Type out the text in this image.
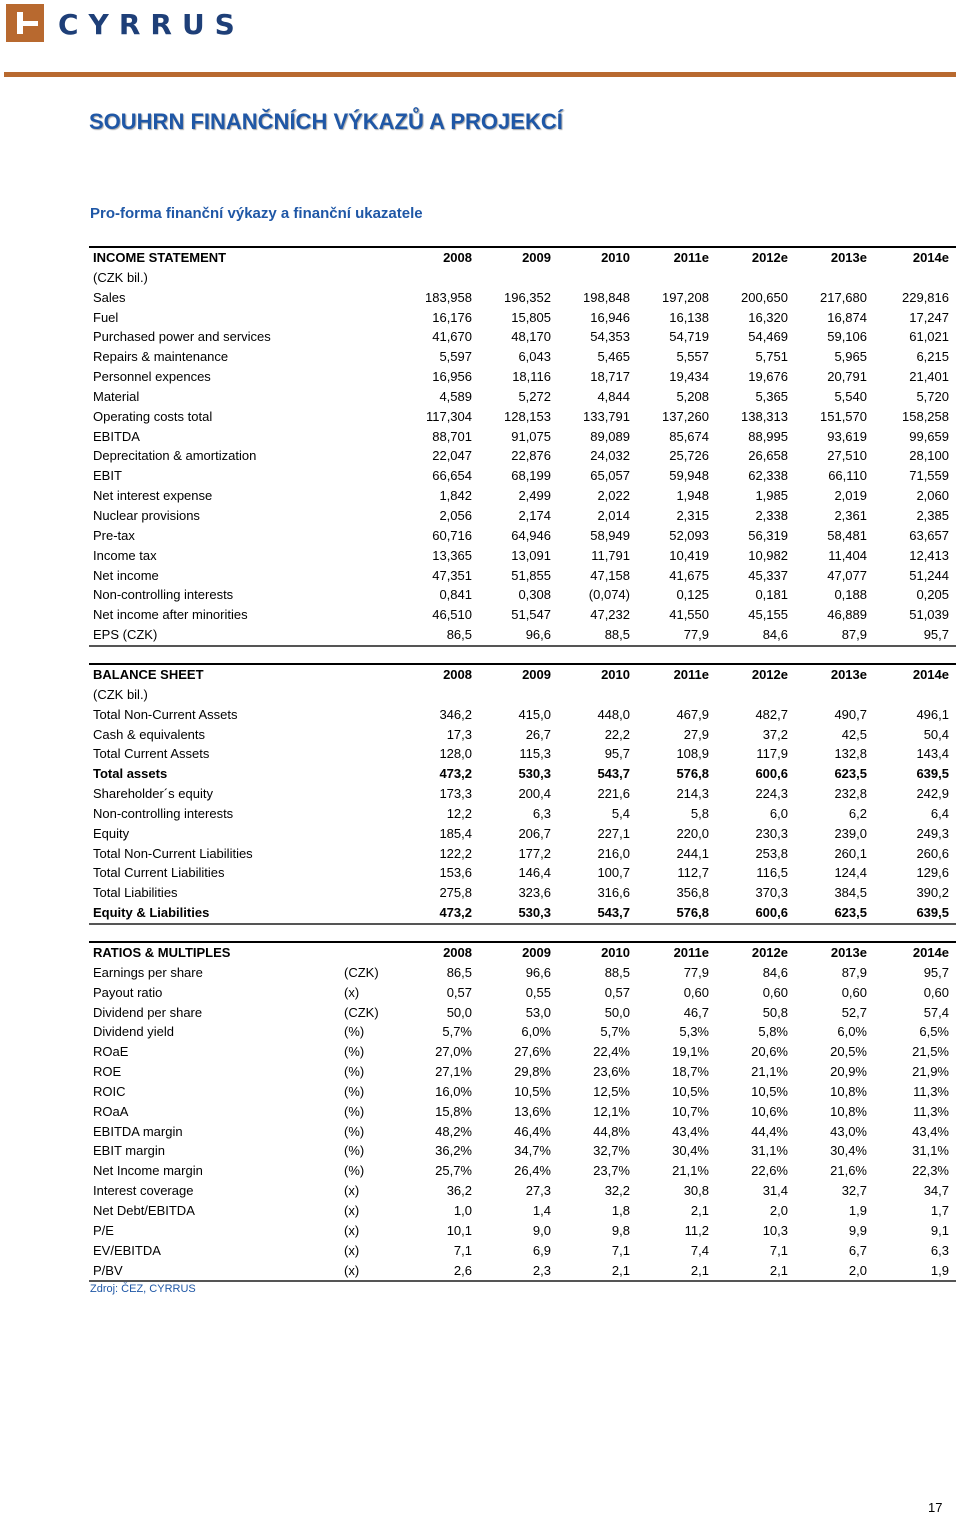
CYRRUS
SOUHRN FINANČNÍCH VÝKAZŮ A PROJEKCÍ
Pro-forma finanční výkazy a finanční ukazatele
INCOME STATEMENT	2008	2009	2010	2011e	2012e	2013e	2014e
(CZK bil.)							
Sales	183,958	196,352	198,848	197,208	200,650	217,680	229,816
Fuel	16,176	15,805	16,946	16,138	16,320	16,874	17,247
Purchased power and services	41,670	48,170	54,353	54,719	54,469	59,106	61,021
Repairs & maintenance	5,597	6,043	5,465	5,557	5,751	5,965	6,215
Personnel expences	16,956	18,116	18,717	19,434	19,676	20,791	21,401
Material	4,589	5,272	4,844	5,208	5,365	5,540	5,720
Operating costs total	117,304	128,153	133,791	137,260	138,313	151,570	158,258
EBITDA	88,701	91,075	89,089	85,674	88,995	93,619	99,659
Deprecitation & amortization	22,047	22,876	24,032	25,726	26,658	27,510	28,100
EBIT	66,654	68,199	65,057	59,948	62,338	66,110	71,559
Net interest expense	1,842	2,499	2,022	1,948	1,985	2,019	2,060
Nuclear provisions	2,056	2,174	2,014	2,315	2,338	2,361	2,385
Pre-tax	60,716	64,946	58,949	52,093	56,319	58,481	63,657
Income tax	13,365	13,091	11,791	10,419	10,982	11,404	12,413
Net income	47,351	51,855	47,158	41,675	45,337	47,077	51,244
Non-controlling interests	0,841	0,308	(0,074)	0,125	0,181	0,188	0,205
Net income after minorities	46,510	51,547	47,232	41,550	45,155	46,889	51,039
EPS (CZK)	86,5	96,6	88,5	77,9	84,6	87,9	95,7
BALANCE SHEET	2008	2009	2010	2011e	2012e	2013e	2014e
(CZK bil.)							
Total Non-Current Assets	346,2	415,0	448,0	467,9	482,7	490,7	496,1
Cash & equivalents	17,3	26,7	22,2	27,9	37,2	42,5	50,4
Total Current Assets	128,0	115,3	95,7	108,9	117,9	132,8	143,4
Total assets	473,2	530,3	543,7	576,8	600,6	623,5	639,5
Shareholder´s equity	173,3	200,4	221,6	214,3	224,3	232,8	242,9
Non-controlling interests	12,2	6,3	5,4	5,8	6,0	6,2	6,4
Equity	185,4	206,7	227,1	220,0	230,3	239,0	249,3
Total Non-Current Liabilities	122,2	177,2	216,0	244,1	253,8	260,1	260,6
Total Current Liabilities	153,6	146,4	100,7	112,7	116,5	124,4	129,6
Total Liabilities	275,8	323,6	316,6	356,8	370,3	384,5	390,2
Equity & Liabilities	473,2	530,3	543,7	576,8	600,6	623,5	639,5
RATIOS & MULTIPLES		2008	2009	2010	2011e	2012e	2013e	2014e
Earnings per share	(CZK)	86,5	96,6	88,5	77,9	84,6	87,9	95,7
Payout ratio	(x)	0,57	0,55	0,57	0,60	0,60	0,60	0,60
Dividend per share	(CZK)	50,0	53,0	50,0	46,7	50,8	52,7	57,4
Dividend yield	(%)	5,7%	6,0%	5,7%	5,3%	5,8%	6,0%	6,5%
ROaE	(%)	27,0%	27,6%	22,4%	19,1%	20,6%	20,5%	21,5%
ROE	(%)	27,1%	29,8%	23,6%	18,7%	21,1%	20,9%	21,9%
ROIC	(%)	16,0%	10,5%	12,5%	10,5%	10,5%	10,8%	11,3%
ROaA	(%)	15,8%	13,6%	12,1%	10,7%	10,6%	10,8%	11,3%
EBITDA margin	(%)	48,2%	46,4%	44,8%	43,4%	44,4%	43,0%	43,4%
EBIT margin	(%)	36,2%	34,7%	32,7%	30,4%	31,1%	30,4%	31,1%
Net Income margin	(%)	25,7%	26,4%	23,7%	21,1%	22,6%	21,6%	22,3%
Interest coverage	(x)	36,2	27,3	32,2	30,8	31,4	32,7	34,7
Net Debt/EBITDA	(x)	1,0	1,4	1,8	2,1	2,0	1,9	1,7
P/E	(x)	10,1	9,0	9,8	11,2	10,3	9,9	9,1
EV/EBITDA	(x)	7,1	6,9	7,1	7,4	7,1	6,7	6,3
P/BV	(x)	2,6	2,3	2,1	2,1	2,1	2,0	1,9
Zdroj: ČEZ, CYRRUS
17
